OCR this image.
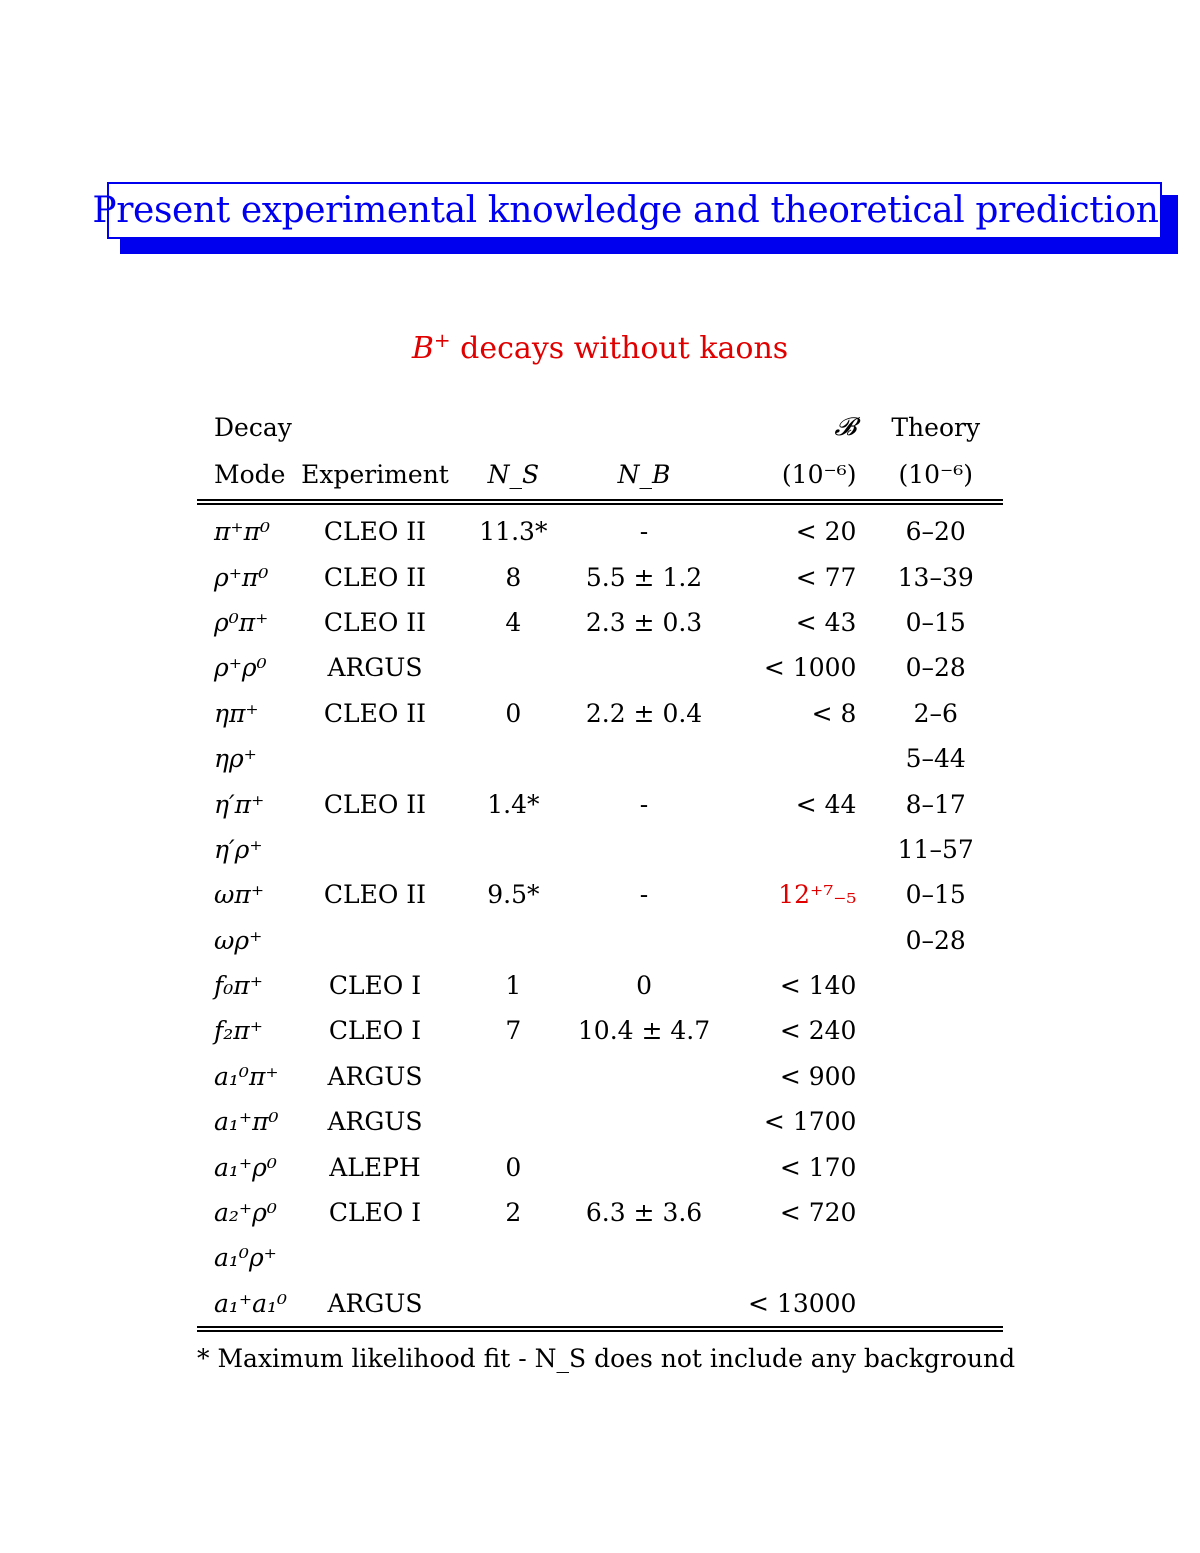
Present experimental knowledge and theoretical predictions
B+ decays without kaons
Decay				𝓑	Theory
Mode	Experiment	N_S	N_B	(10⁻⁶)	(10⁻⁶)
π⁺π⁰	CLEO II	11.3*	-	< 20	6–20
ρ⁺π⁰	CLEO II	8	5.5 ± 1.2	< 77	13–39
ρ⁰π⁺	CLEO II	4	2.3 ± 0.3	< 43	0–15
ρ⁺ρ⁰	ARGUS			< 1000	0–28
ηπ⁺	CLEO II	0	2.2 ± 0.4	< 8	2–6
ηρ⁺					5–44
η′π⁺	CLEO II	1.4*	-	< 44	8–17
η′ρ⁺					11–57
ωπ⁺	CLEO II	9.5*	-	12⁺⁷₋₅	0–15
ωρ⁺					0–28
f₀π⁺	CLEO I	1	0	< 140	
f₂π⁺	CLEO I	7	10.4 ± 4.7	< 240	
a₁⁰π⁺	ARGUS			< 900	
a₁⁺π⁰	ARGUS			< 1700	
a₁⁺ρ⁰	ALEPH	0		< 170	
a₂⁺ρ⁰	CLEO I	2	6.3 ± 3.6	< 720	
a₁⁰ρ⁺					
a₁⁺a₁⁰	ARGUS			< 13000	
* Maximum likelihood fit - N_S does not include any background
